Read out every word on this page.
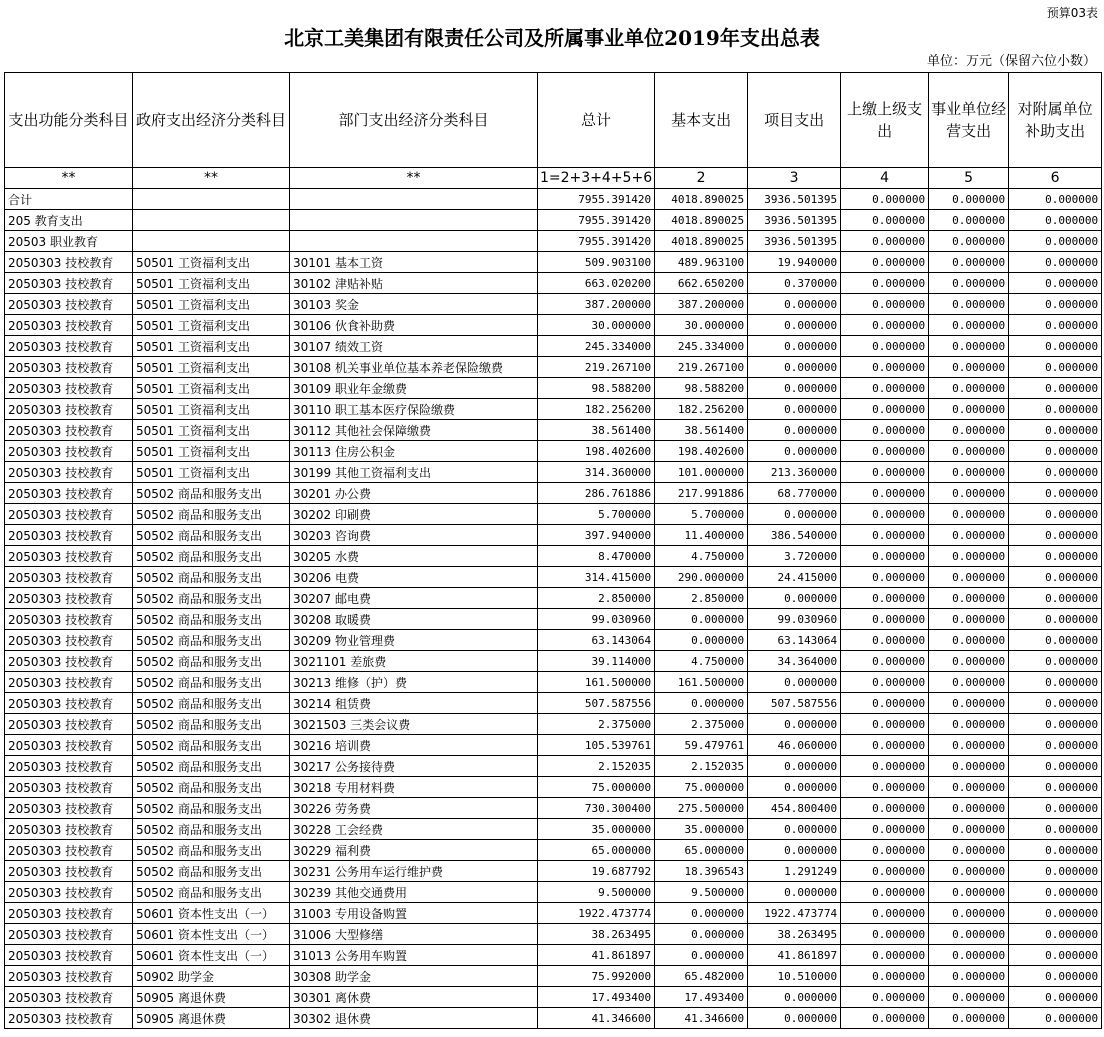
预算03表
北京工美集团有限责任公司及所属事业单位2019年支出总表
单位：万元（保留六位小数）
支出功能分类科目	政府支出经济分类科目	部门支出经济分类科目	总计	基本支出	项目支出	上缴上级支出	事业单位经营支出	对附属单位补助支出
**	**	**	1=2+3+4+5+6	2	3	4	5	6
合计			7955.391420	4018.890025	3936.501395	0.000000	0.000000	0.000000
205 教育支出			7955.391420	4018.890025	3936.501395	0.000000	0.000000	0.000000
20503 职业教育			7955.391420	4018.890025	3936.501395	0.000000	0.000000	0.000000
2050303 技校教育	50501 工资福利支出	30101 基本工资	509.903100	489.963100	19.940000	0.000000	0.000000	0.000000
2050303 技校教育	50501 工资福利支出	30102 津贴补贴	663.020200	662.650200	0.370000	0.000000	0.000000	0.000000
2050303 技校教育	50501 工资福利支出	30103 奖金	387.200000	387.200000	0.000000	0.000000	0.000000	0.000000
2050303 技校教育	50501 工资福利支出	30106 伙食补助费	30.000000	30.000000	0.000000	0.000000	0.000000	0.000000
2050303 技校教育	50501 工资福利支出	30107 绩效工资	245.334000	245.334000	0.000000	0.000000	0.000000	0.000000
2050303 技校教育	50501 工资福利支出	30108 机关事业单位基本养老保险缴费	219.267100	219.267100	0.000000	0.000000	0.000000	0.000000
2050303 技校教育	50501 工资福利支出	30109 职业年金缴费	98.588200	98.588200	0.000000	0.000000	0.000000	0.000000
2050303 技校教育	50501 工资福利支出	30110 职工基本医疗保险缴费	182.256200	182.256200	0.000000	0.000000	0.000000	0.000000
2050303 技校教育	50501 工资福利支出	30112 其他社会保障缴费	38.561400	38.561400	0.000000	0.000000	0.000000	0.000000
2050303 技校教育	50501 工资福利支出	30113 住房公积金	198.402600	198.402600	0.000000	0.000000	0.000000	0.000000
2050303 技校教育	50501 工资福利支出	30199 其他工资福利支出	314.360000	101.000000	213.360000	0.000000	0.000000	0.000000
2050303 技校教育	50502 商品和服务支出	30201 办公费	286.761886	217.991886	68.770000	0.000000	0.000000	0.000000
2050303 技校教育	50502 商品和服务支出	30202 印刷费	5.700000	5.700000	0.000000	0.000000	0.000000	0.000000
2050303 技校教育	50502 商品和服务支出	30203 咨询费	397.940000	11.400000	386.540000	0.000000	0.000000	0.000000
2050303 技校教育	50502 商品和服务支出	30205 水费	8.470000	4.750000	3.720000	0.000000	0.000000	0.000000
2050303 技校教育	50502 商品和服务支出	30206 电费	314.415000	290.000000	24.415000	0.000000	0.000000	0.000000
2050303 技校教育	50502 商品和服务支出	30207 邮电费	2.850000	2.850000	0.000000	0.000000	0.000000	0.000000
2050303 技校教育	50502 商品和服务支出	30208 取暖费	99.030960	0.000000	99.030960	0.000000	0.000000	0.000000
2050303 技校教育	50502 商品和服务支出	30209 物业管理费	63.143064	0.000000	63.143064	0.000000	0.000000	0.000000
2050303 技校教育	50502 商品和服务支出	3021101 差旅费	39.114000	4.750000	34.364000	0.000000	0.000000	0.000000
2050303 技校教育	50502 商品和服务支出	30213 维修（护）费	161.500000	161.500000	0.000000	0.000000	0.000000	0.000000
2050303 技校教育	50502 商品和服务支出	30214 租赁费	507.587556	0.000000	507.587556	0.000000	0.000000	0.000000
2050303 技校教育	50502 商品和服务支出	3021503 三类会议费	2.375000	2.375000	0.000000	0.000000	0.000000	0.000000
2050303 技校教育	50502 商品和服务支出	30216 培训费	105.539761	59.479761	46.060000	0.000000	0.000000	0.000000
2050303 技校教育	50502 商品和服务支出	30217 公务接待费	2.152035	2.152035	0.000000	0.000000	0.000000	0.000000
2050303 技校教育	50502 商品和服务支出	30218 专用材料费	75.000000	75.000000	0.000000	0.000000	0.000000	0.000000
2050303 技校教育	50502 商品和服务支出	30226 劳务费	730.300400	275.500000	454.800400	0.000000	0.000000	0.000000
2050303 技校教育	50502 商品和服务支出	30228 工会经费	35.000000	35.000000	0.000000	0.000000	0.000000	0.000000
2050303 技校教育	50502 商品和服务支出	30229 福利费	65.000000	65.000000	0.000000	0.000000	0.000000	0.000000
2050303 技校教育	50502 商品和服务支出	30231 公务用车运行维护费	19.687792	18.396543	1.291249	0.000000	0.000000	0.000000
2050303 技校教育	50502 商品和服务支出	30239 其他交通费用	9.500000	9.500000	0.000000	0.000000	0.000000	0.000000
2050303 技校教育	50601 资本性支出（一）	31003 专用设备购置	1922.473774	0.000000	1922.473774	0.000000	0.000000	0.000000
2050303 技校教育	50601 资本性支出（一）	31006 大型修缮	38.263495	0.000000	38.263495	0.000000	0.000000	0.000000
2050303 技校教育	50601 资本性支出（一）	31013 公务用车购置	41.861897	0.000000	41.861897	0.000000	0.000000	0.000000
2050303 技校教育	50902 助学金	30308 助学金	75.992000	65.482000	10.510000	0.000000	0.000000	0.000000
2050303 技校教育	50905 离退休费	30301 离休费	17.493400	17.493400	0.000000	0.000000	0.000000	0.000000
2050303 技校教育	50905 离退休费	30302 退休费	41.346600	41.346600	0.000000	0.000000	0.000000	0.000000
